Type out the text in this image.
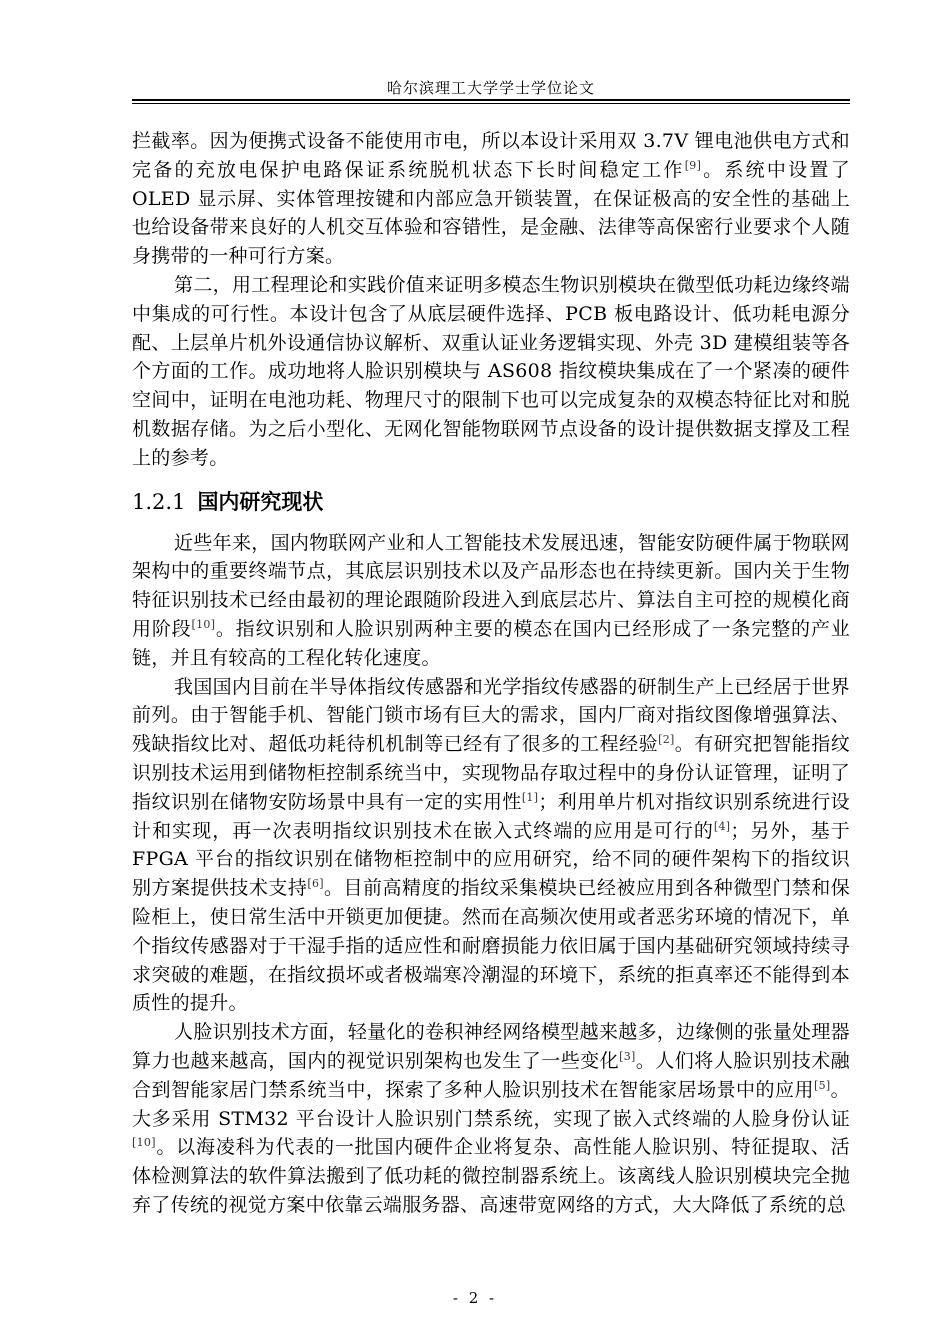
哈尔滨理工大学学士学位论文

拦截率。因为便携式设备不能使用市电，所以本设计采用双 3.7V 锂电池供电方式和完备的充放电保护电路保证系统脱机状态下长时间稳定工作[9]。系统中设置了 OLED 显示屏、实体管理按键和内部应急开锁装置，在保证极高的安全性的基础上也给设备带来良好的人机交互体验和容错性，是金融、法律等高保密行业要求个人随身携带的一种可行方案。

第二，用工程理论和实践价值来证明多模态生物识别模块在微型低功耗边缘终端中集成的可行性。本设计包含了从底层硬件选择、PCB 板电路设计、低功耗电源分配、上层单片机外设通信协议解析、双重认证业务逻辑实现、外壳 3D 建模组装等各个方面的工作。成功地将人脸识别模块与 AS608 指纹模块集成在了一个紧凑的硬件空间中，证明在电池功耗、物理尺寸的限制下也可以完成复杂的双模态特征比对和脱机数据存储。为之后小型化、无网化智能物联网节点设备的设计提供数据支撑及工程上的参考。

1.2.1 国内研究现状

近些年来，国内物联网产业和人工智能技术发展迅速，智能安防硬件属于物联网架构中的重要终端节点，其底层识别技术以及产品形态也在持续更新。国内关于生物特征识别技术已经由最初的理论跟随阶段进入到底层芯片、算法自主可控的规模化商用阶段[10]。指纹识别和人脸识别两种主要的模态在国内已经形成了一条完整的产业链，并且有较高的工程化转化速度。

我国国内目前在半导体指纹传感器和光学指纹传感器的研制生产上已经居于世界前列。由于智能手机、智能门锁市场有巨大的需求，国内厂商对指纹图像增强算法、残缺指纹比对、超低功耗待机机制等已经有了很多的工程经验[2]。有研究把智能指纹识别技术运用到储物柜控制系统当中，实现物品存取过程中的身份认证管理，证明了指纹识别在储物安防场景中具有一定的实用性[1]；利用单片机对指纹识别系统进行设计和实现，再一次表明指纹识别技术在嵌入式终端的应用是可行的[4]；另外，基于 FPGA 平台的指纹识别在储物柜控制中的应用研究，给不同的硬件架构下的指纹识别方案提供技术支持[6]。目前高精度的指纹采集模块已经被应用到各种微型门禁和保险柜上，使日常生活中开锁更加便捷。然而在高频次使用或者恶劣环境的情况下，单个指纹传感器对于干湿手指的适应性和耐磨损能力依旧属于国内基础研究领域持续寻求突破的难题，在指纹损坏或者极端寒冷潮湿的环境下，系统的拒真率还不能得到本质性的提升。

人脸识别技术方面，轻量化的卷积神经网络模型越来越多，边缘侧的张量处理器算力也越来越高，国内的视觉识别架构也发生了一些变化[3]。人们将人脸识别技术融合到智能家居门禁系统当中，探索了多种人脸识别技术在智能家居场景中的应用[5]。大多采用 STM32 平台设计人脸识别门禁系统，实现了嵌入式终端的人脸身份认证[10]。以海凌科为代表的一批国内硬件企业将复杂、高性能人脸识别、特征提取、活体检测算法的软件算法搬到了低功耗的微控制器系统上。该离线人脸识别模块完全抛弃了传统的视觉方案中依靠云端服务器、高速带宽网络的方式，大大降低了系统的总

- 2 -
